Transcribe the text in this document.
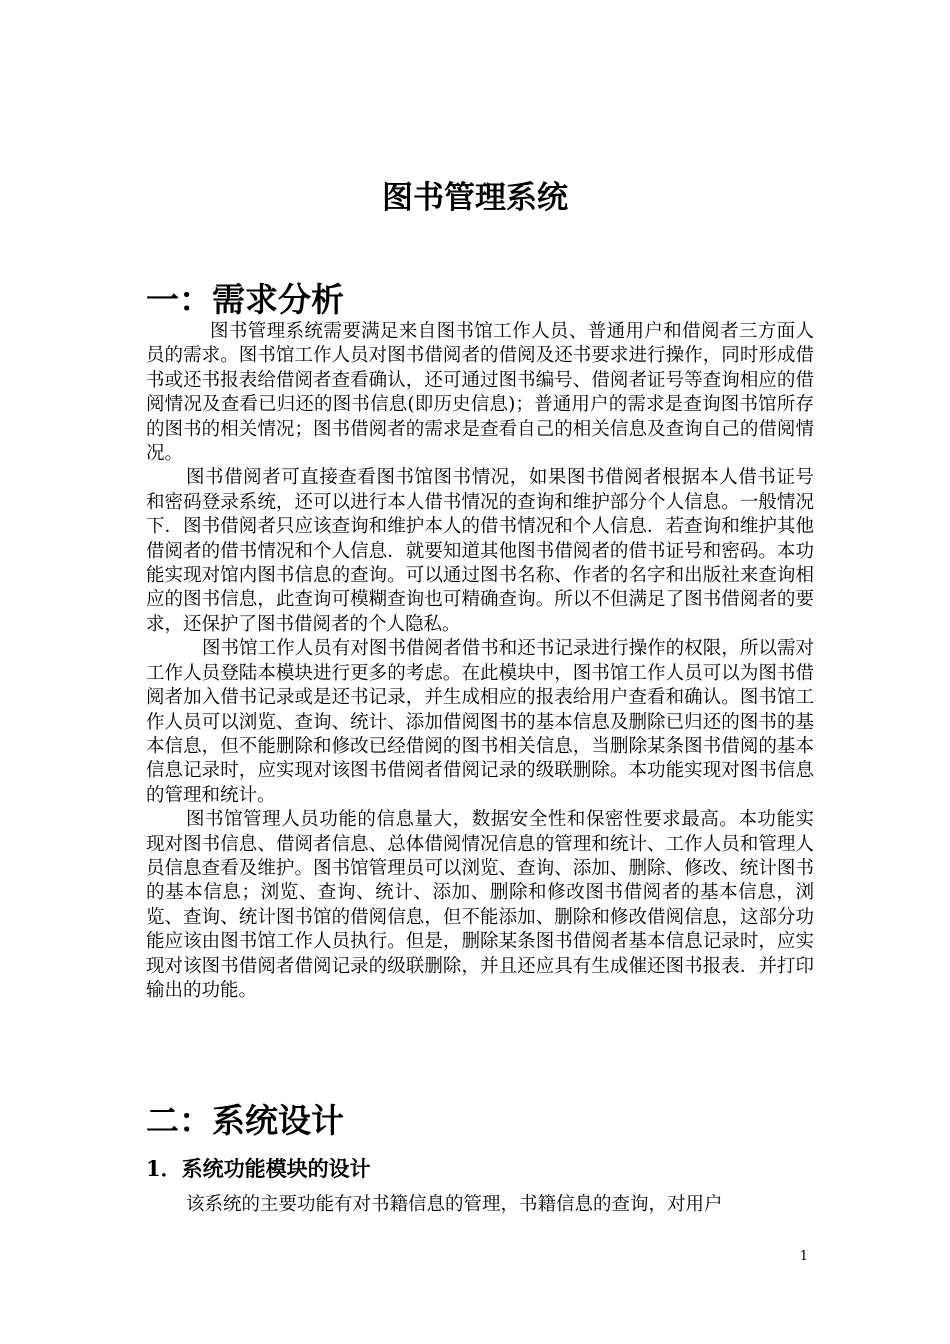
图书管理系统
一：需求分析

图书管理系统需要满足来自图书馆工作人员、普通用户和借阅者三方面人员的需求。图书馆工作人员对图书借阅者的借阅及还书要求进行操作，同时形成借书或还书报表给借阅者查看确认，还可通过图书编号、借阅者证号等查询相应的借阅情况及查看已归还的图书信息(即历史信息)；普通用户的需求是查询图书馆所存的图书的相关情况；图书借阅者的需求是查看自己的相关信息及查询自己的借阅情况。

图书借阅者可直接查看图书馆图书情况，如果图书借阅者根据本人借书证号和密码登录系统，还可以进行本人借书情况的查询和维护部分个人信息。一般情况下．图书借阅者只应该查询和维护本人的借书情况和个人信息．若查询和维护其他借阅者的借书情况和个人信息．就要知道其他图书借阅者的借书证号和密码。本功能实现对馆内图书信息的查询。可以通过图书名称、作者的名字和出版社来查询相应的图书信息，此查询可模糊查询也可精确查询。所以不但满足了图书借阅者的要求，还保护了图书借阅者的个人隐私。

图书馆工作人员有对图书借阅者借书和还书记录进行操作的权限，所以需对工作人员登陆本模块进行更多的考虑。在此模块中，图书馆工作人员可以为图书借阅者加入借书记录或是还书记录，并生成相应的报表给用户查看和确认。图书馆工作人员可以浏览、查询、统计、添加借阅图书的基本信息及删除已归还的图书的基本信息，但不能删除和修改已经借阅的图书相关信息，当删除某条图书借阅的基本信息记录时，应实现对该图书借阅者借阅记录的级联删除。本功能实现对图书信息的管理和统计。

图书馆管理人员功能的信息量大，数据安全性和保密性要求最高。本功能实现对图书信息、借阅者信息、总体借阅情况信息的管理和统计、工作人员和管理人员信息查看及维护。图书馆管理员可以浏览、查询、添加、删除、修改、统计图书的基本信息；浏览、查询、统计、添加、删除和修改图书借阅者的基本信息，浏览、查询、统计图书馆的借阅信息，但不能添加、删除和修改借阅信息，这部分功能应该由图书馆工作人员执行。但是，删除某条图书借阅者基本信息记录时，应实现对该图书借阅者借阅记录的级联删除，并且还应具有生成催还图书报表．并打印输出的功能。

二：系统设计
1．系统功能模块的设计

该系统的主要功能有对书籍信息的管理，书籍信息的查询，对用户

1
